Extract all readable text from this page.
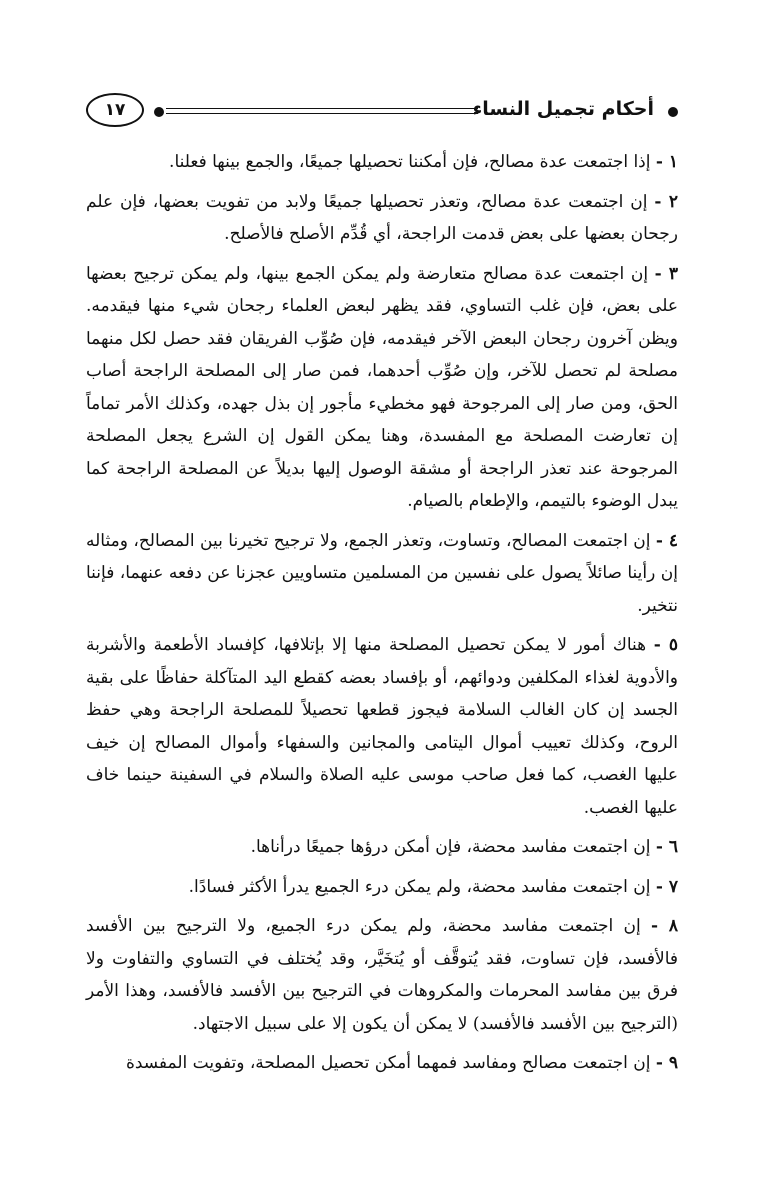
أحكام تجميل النساء
١٧

١ - إذا اجتمعت عدة مصالح، فإن أمكننا تحصيلها جميعًا، والجمع بينها فعلنا.

٢ - إن اجتمعت عدة مصالح، وتعذر تحصيلها جميعًا ولابد من تفويت بعضها، فإن علم رجحان بعضها على بعض قدمت الراجحة، أي قُدِّم الأصلح فالأصلح.

٣ - إن اجتمعت عدة مصالح متعارضة ولم يمكن الجمع بينها، ولم يمكن ترجيح بعضها على بعض، فإن غلب التساوي، فقد يظهر لبعض العلماء رجحان شيء منها فيقدمه. ويظن آخرون رجحان البعض الآخر فيقدمه، فإن صُوِّب الفريقان فقد حصل لكل منهما مصلحة لم تحصل للآخر، وإن صُوِّب أحدهما، فمن صار إلى المصلحة الراجحة أصاب الحق، ومن صار إلى المرجوحة فهو مخطيء مأجور إن بذل جهده، وكذلك الأمر تماماً إن تعارضت المصلحة مع المفسدة، وهنا يمكن القول إن الشرع يجعل المصلحة المرجوحة عند تعذر الراجحة أو مشقة الوصول إليها بديلاً عن المصلحة الراجحة كما يبدل الوضوء بالتيمم، والإطعام بالصيام.

٤ - إن اجتمعت المصالح، وتساوت، وتعذر الجمع، ولا ترجيح تخيرنا بين المصالح، ومثاله إن رأينا صائلاً يصول على نفسين من المسلمين متساويين عجزنا عن دفعه عنهما، فإننا نتخير.

٥ - هناك أمور لا يمكن تحصيل المصلحة منها إلا بإتلافها، كإفساد الأطعمة والأشربة والأدوية لغذاء المكلفين ودوائهم، أو بإفساد بعضه كقطع اليد المتآكلة حفاظًا على بقية الجسد إن كان الغالب السلامة فيجوز قطعها تحصيلاً للمصلحة الراجحة وهي حفظ الروح، وكذلك تعييب أموال اليتامى والمجانين والسفهاء وأموال المصالح إن خيف عليها الغصب، كما فعل صاحب موسى عليه الصلاة والسلام في السفينة حينما خاف عليها الغصب.

٦ - إن اجتمعت مفاسد محضة، فإن أمكن درؤها جميعًا درأناها.

٧ - إن اجتمعت مفاسد محضة، ولم يمكن درء الجميع يدرأ الأكثر فسادًا.

٨ - إن اجتمعت مفاسد محضة، ولم يمكن درء الجميع، ولا الترجيح بين الأفسد فالأفسد، فإن تساوت، فقد يُتوقَّف أو يُتخَيَّر، وقد يُختلف في التساوي والتفاوت ولا فرق بين مفاسد المحرمات والمكروهات في الترجيح بين الأفسد فالأفسد، وهذا الأمر (الترجيح بين الأفسد فالأفسد) لا يمكن أن يكون إلا على سبيل الاجتهاد.

٩ - إن اجتمعت مصالح ومفاسد فمهما أمكن تحصيل المصلحة، وتفويت المفسدة
